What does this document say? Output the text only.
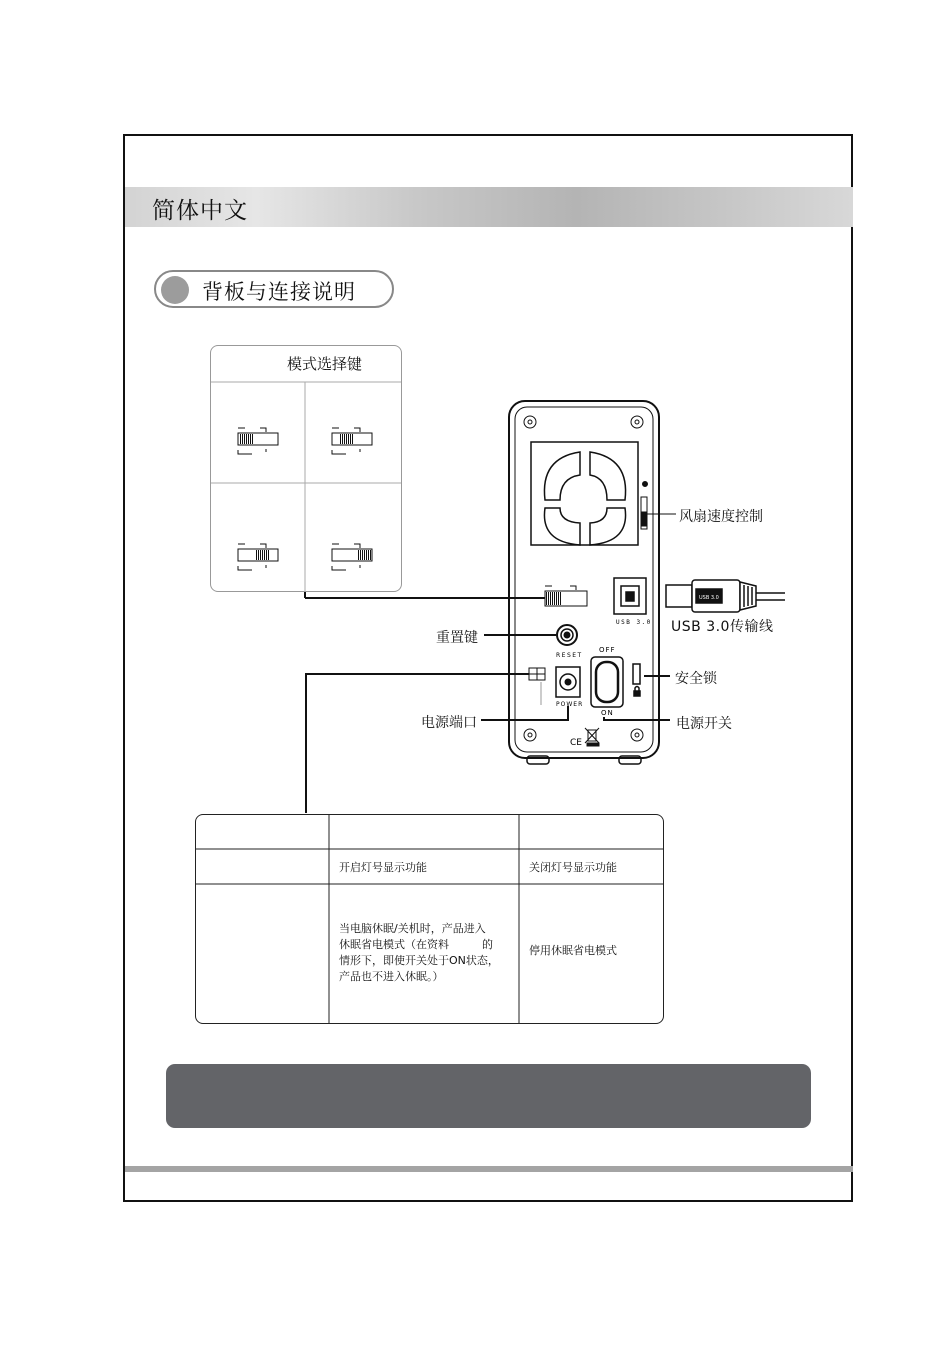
简体中文
背板与连接说明
模式选择键
USB 3.0
USB 3.0
RESET
POWER
OFF
ON
CE
风扇速度控制
USB 3.0传输线
重置键
安全锁
电源端口	电源开关
开启灯号显示功能	关闭灯号显示功能
当电脑休眠/关机时，产品进入
休眠省电模式（在资料　　　的
情形下，即使开关处于ON状态，
产品也不进入休眠。）
停用休眠省电模式
